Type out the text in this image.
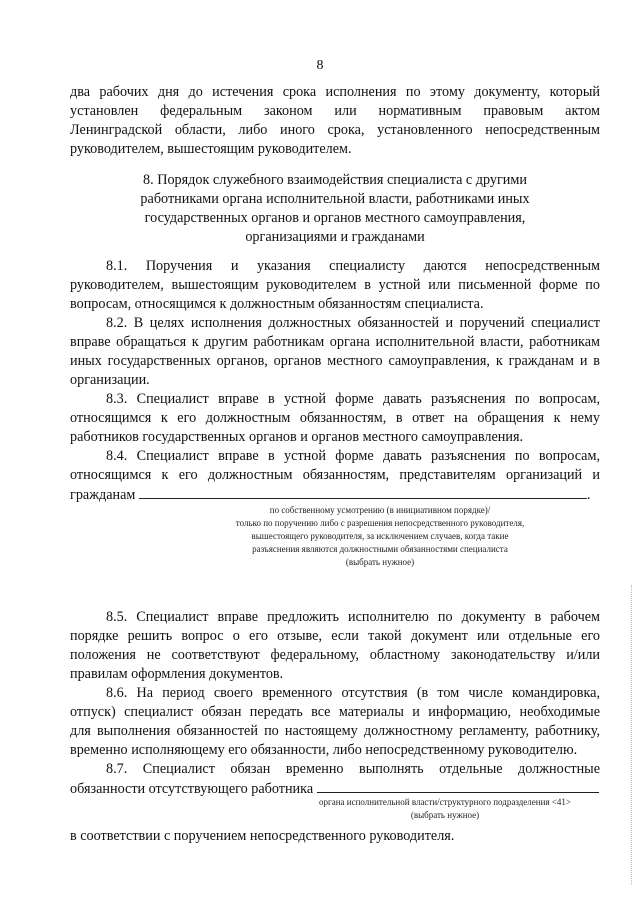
8
два рабочих дня до истечения срока исполнения по этому документу, который
установлен федеральным законом или нормативным правовым актом
Ленинградской области, либо иного срока, установленного непосредственным
руководителем, вышестоящим руководителем.
8. Порядок служебного взаимодействия специалиста с другими
работниками органа исполнительной власти, работниками иных
государственных органов и органов местного самоуправления,
организациями и гражданами
8.1. Поручения и указания специалисту даются непосредственным
руководителем, вышестоящим руководителем в устной или письменной форме по
вопросам, относящимся к должностным обязанностям специалиста.
8.2. В целях исполнения должностных обязанностей и поручений специалист
вправе обращаться к другим работникам органа исполнительной власти, работникам
иных государственных органов, органов местного самоуправления, к гражданам и в
организации.
8.3. Специалист вправе в устной форме давать разъяснения по вопросам,
относящимся к его должностным обязанностям, в ответ на обращения к нему
работников государственных органов и органов местного самоуправления.
8.4. Специалист вправе в устной форме давать разъяснения по вопросам,
относящимся к его должностным обязанностям, представителям организаций и
гражданам	.
по собственному усмотрению (в инициативном порядке)/
только по поручению либо с разрешения непосредственного руководителя,
вышестоящего руководителя, за исключением случаев, когда такие
разъяснения являются должностными обязанностями специалиста
(выбрать нужное)
8.5. Специалист вправе предложить исполнителю по документу в рабочем
порядке решить вопрос о его отзыве, если такой документ или отдельные его
положения не соответствуют федеральному, областному законодательству и/или
правилам оформления документов.
8.6. На период своего временного отсутствия (в том числе командировка,
отпуск) специалист обязан передать все материалы и информацию, необходимые
для выполнения обязанностей по настоящему должностному регламенту, работнику,
временно исполняющему его обязанности, либо непосредственному руководителю.
8.7. Специалист обязан временно выполнять отдельные должностные
обязанности отсутствующего работника
органа исполнительной власти/структурного подразделения <41>
(выбрать нужное)
в соответствии с поручением непосредственного руководителя.
